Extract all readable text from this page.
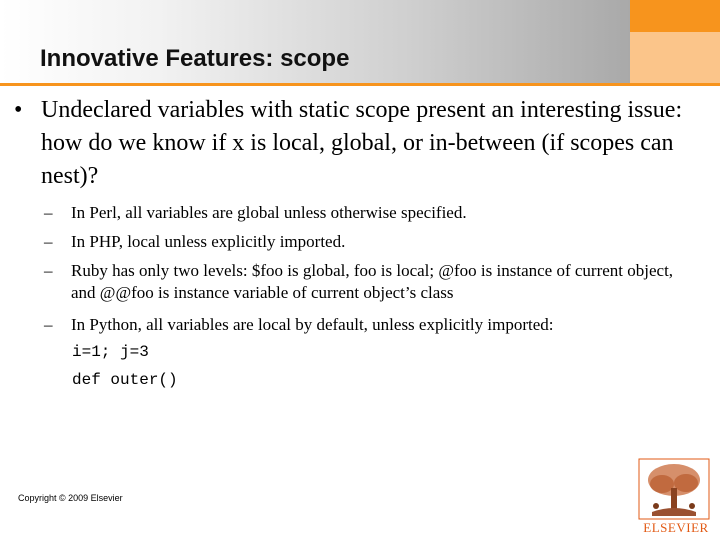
Innovative Features: scope
• Undeclared variables with static scope present an interesting issue: how do we know if x is local, global, or in-between (if scopes can nest)?
– In Perl, all variables are global unless otherwise specified.
– In PHP, local unless explicitly imported.
– Ruby has only two levels: $foo is global, foo is local; @foo is instance of current object, and @@foo is instance variable of current object’s class
– In Python, all variables are local by default, unless explicitly imported:
i=1; j=3
def outer()
Copyright © 2009 Elsevier
ELSEVIER
